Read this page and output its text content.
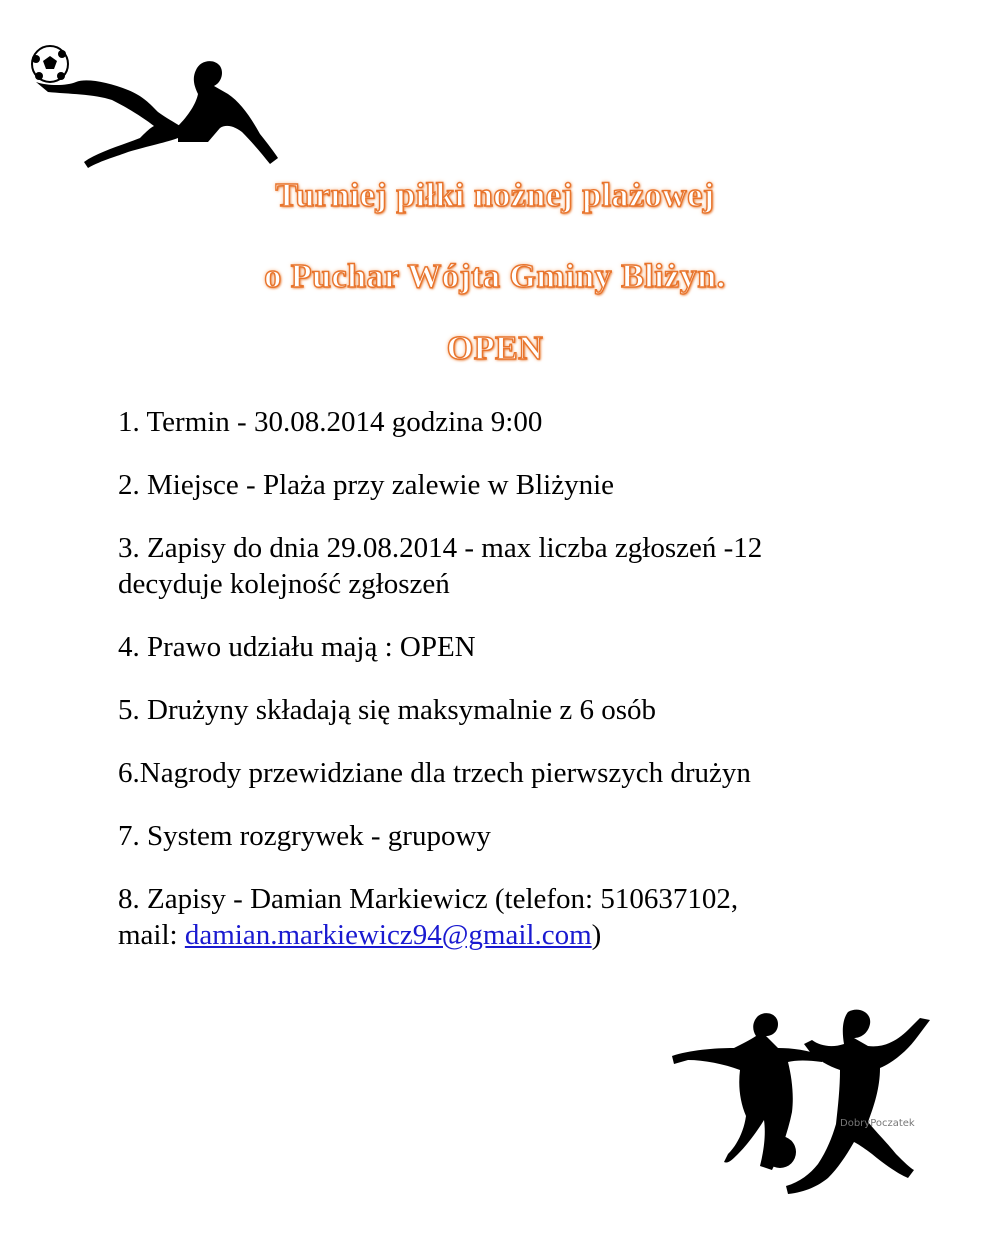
Turniej piłki nożnej plażowej
o Puchar Wójta Gminy Bliżyn.
OPEN
1. Termin - 30.08.2014 godzina 9:00
2. Miejsce - Plaża przy zalewie w Bliżynie
3. Zapisy do dnia 29.08.2014 - max liczba zgłoszeń -12
decyduje kolejność zgłoszeń
4. Prawo udziału mają : OPEN
5. Drużyny składają się maksymalnie z 6 osób
6.Nagrody przewidziane dla trzech pierwszych drużyn
7. System rozgrywek - grupowy
8. Zapisy - Damian Markiewicz (telefon: 510637102,
mail: damian.markiewicz94@gmail.com)
DobryPoczatek
